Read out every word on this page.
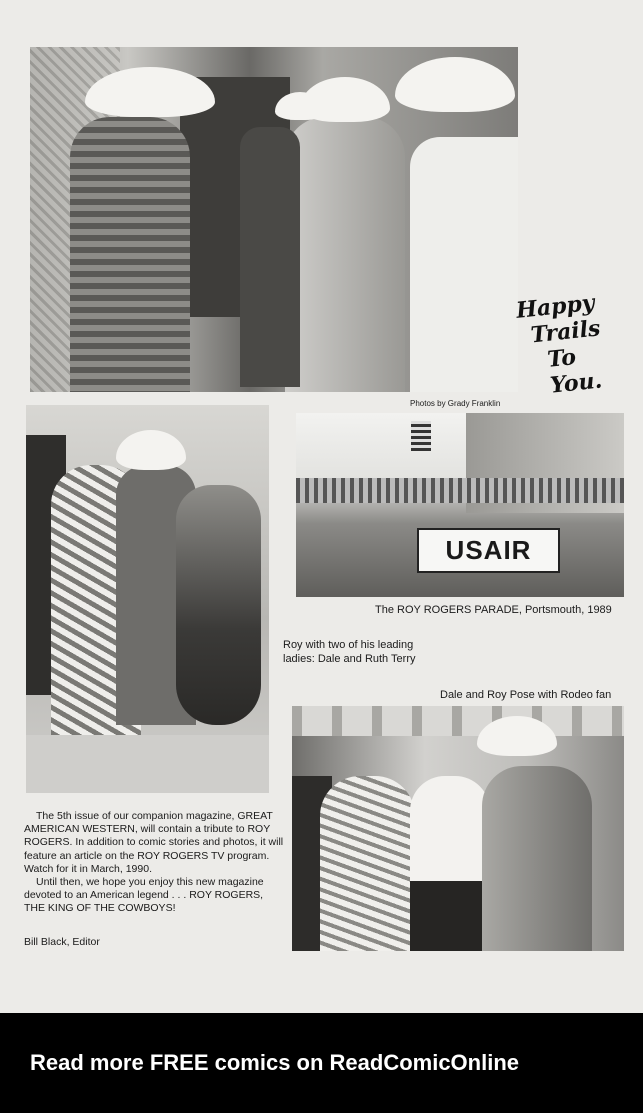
Photos by Grady Franklin
Happy
Trails
To You.
USAIR
The ROY ROGERS PARADE, Portsmouth, 1989
Roy with two of his leading
ladies: Dale and Ruth Terry
Dale and Roy Pose with Rodeo fan

The 5th issue of our companion magazine, GREAT AMERICAN WESTERN, will contain a tribute to ROY ROGERS. In addition to comic stories and photos, it will feature an article on the ROY ROGERS TV program. Watch for it in March, 1990.

Until then, we hope you enjoy this new magazine devoted to an American legend . . . ROY ROGERS, THE KING OF THE COWBOYS!

Bill Black, Editor
Read more FREE comics on ReadComicOnline
